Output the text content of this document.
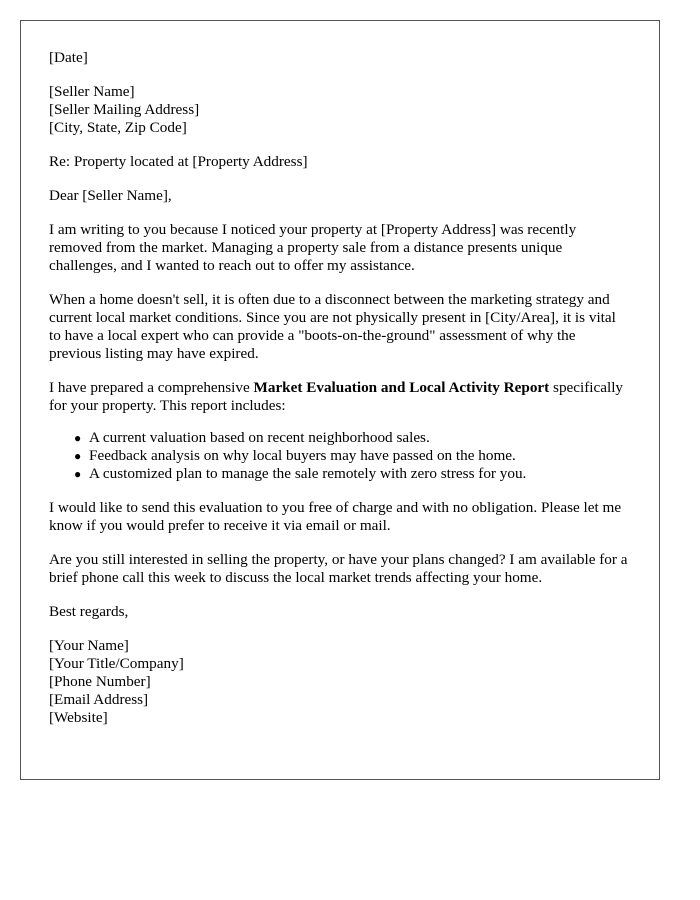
[Date]
[Seller Name]
[Seller Mailing Address]
[City, State, Zip Code]
Re: Property located at [Property Address]
Dear [Seller Name],

I am writing to you because I noticed your property at [Property Address] was recently removed from the market. Managing a property sale from a distance presents unique challenges, and I wanted to reach out to offer my assistance.

When a home doesn't sell, it is often due to a disconnect between the marketing strategy and current local market conditions. Since you are not physically present in [City/Area], it is vital to have a local expert who can provide a "boots-on-the-ground" assessment of why the previous listing may have expired.

I have prepared a comprehensive Market Evaluation and Local Activity Report specifically for your property. This report includes:

● A current valuation based on recent neighborhood sales.
● Feedback analysis on why local buyers may have passed on the home.
● A customized plan to manage the sale remotely with zero stress for you.

I would like to send this evaluation to you free of charge and with no obligation. Please let me know if you would prefer to receive it via email or mail.

Are you still interested in selling the property, or have your plans changed? I am available for a brief phone call this week to discuss the local market trends affecting your home.

Best regards,
[Your Name]
[Your Title/Company]
[Phone Number]
[Email Address]
[Website]
